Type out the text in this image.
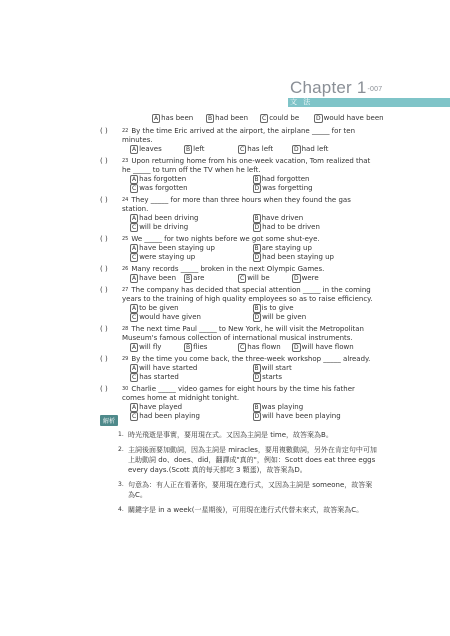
Chapter 1-007
文 法
A has been	B had been	C could be	D would have been
( )	22 By the time Eric arrived at the airport, the airplane _____ for ten minutes.
A leaves	B left	C has left	D had left
( )	23 Upon returning home from his one-week vacation, Tom realized that he _____ to turn off the TV when he left.
A has forgotten	B had forgotten
C was forgotten	D was forgetting
( )	24 They _____ for more than three hours when they found the gas station.
A had been driving	B have driven
C will be driving	D had to be driven
( )	25 We _____ for two nights before we got some shut-eye.
A have been staying up	B are staying up
C were staying up	D had been staying up
( )	26 Many records _____ broken in the next Olympic Games.
A have been	B are	C will be	D were
( )	27 The company has decided that special attention _____ in the coming years to the training of high quality employees so as to raise efficiency.
A to be given	B is to give
C would have given	D will be given
( )	28 The next time Paul _____ to New York, he will visit the Metropolitan Museum's famous collection of international musical instruments.
A will fly	B flies	C has flown	D will have flown
( )	29 By the time you come back, the three-week workshop _____ already.
A will have started	B will start
C has started	D starts
( )	30 Charlie _____ video games for eight hours by the time his father comes home at midnight tonight.
A have played	B was playing
C had been playing	D will have been playing
解析
1. 時光飛逝是事實，要用現在式。又因為主詞是 time，故答案為B。
2. 主詞後面要加動詞，因為主詞是 miracles，要用複數動詞，另外在肯定句中可加上助動詞 do、does、did，翻譯成"真的"，例如：Scott does eat three eggs every days.(Scott 真的每天都吃 3 顆蛋)，故答案為D。
3. 句意為：有人正在看著你，要用現在進行式，又因為主詞是 someone，故答案為C。
4. 關鍵字是 in a week(一星期後)，可用現在進行式代替未來式，故答案為C。
